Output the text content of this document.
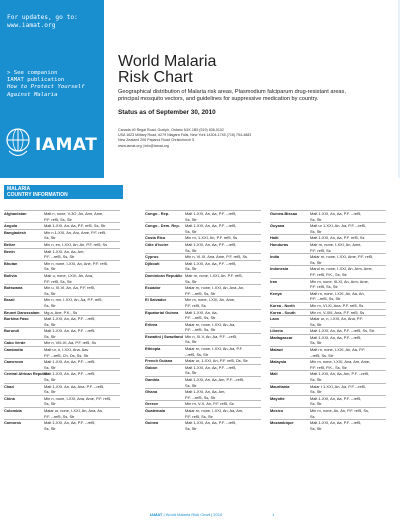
For updates, go to:
www.iamat.org
> See companion
IAMAT publication
How to Protect Yourself
Against Malaria
IAMAT
World Malaria
Risk Chart
Geographical distribution of Malaria risk areas, Plasmodium falciparum drug-resistant areas, principal mosquito vectors, and guidelines for suppressive medication by country.
Status as of September 30, 2010
Canada 40 Regal Road, Guelph, Ontario N1K 1B5 (519) 836-0102
USA 1623 Military Road, #279 Niagara Falls, New York 14304-1745 (716) 754-4883
New Zealand 206 Papanui Road Christchurch 5
www.iamat.org | info@iamat.org
MALARIA
COUNTRY INFORMATION
Afghanistan	Malt n, none, V-3O, An, Arm, Ame,
P.F. ref5, Ss, Str
Angola	Malt 1-XXI, An, Aa, P.F. ref5, Ss, Str
Bangladesh	Min n 1-XXI, An, Aru, Ame, P.F. ref5,
Ss, Str
Belize	Min n, en, I-XXI, An, An, P.F. ref5, Ss
Benin	Malt 1-XXI, An, Aa, Am,
P.F. --ref5, Ss, Str
Bhutan	Min n, none, I-XXI, An, Ane, P.F. ref5,
Ss, Str
Bolivia	Malr u, none, I-XXI, An, Ana,
P.F. ref5, Ss, Str
Botswana	Min u, XI-VI, An, Aa, P.F. ref5,
Ss, Str
Brazil	Min n, mn, I-XXI, An, Aa, P.F. ref5,
Ss, Str
Brunei Darussalam	Mg a, Ane, P.K., Ss
Burkina Faso	Malt 1-XXI, An, Aa, P.F. --ref5,
Ss, Str
Burundi	Malt 1-XXI, An, Aa, P.F. --ref5,
Ss, Str
Cabo Verde	Min n, VIII-XI, Aa, P.F. ref5, Ss
Cambodia	Malt ur, n, I-XXI, Ana, Aav
P.F. --ref5, Ch, Ds, Ss, Str
Cameroon	Malt 1-XXI, An, Aa, P.F. --ref5,
Ss, Str
Central African Republic
Malt 1-XXI, An, Aa, P.F. --ref5,
Ss, Str
Chad	Malt 1-XXI, An, Aa, Ana, P.F. --ref5,
Ss, Str
China	Min n, none, I-XXI, Ana, Ame, P.F. ref5,
Ss, Str
Colombia	Malar ur, none, I-XXI, An, Ana, An,
P.F. --ref5, Ss, Str
Comoros	Malt 1-XXI, An, Aa, P.F. --ref5,
Ss, Str
Congo - Rep.	Malt 1-XXI, An, Aa, P.F. --ref5,
Ss, Str
Congo - Dem. Rep.	Malt 1-XXI, An, Aa, P.F. --ref5,
Ss, Str
Costa Rica	Min rn, 1-XXI, An, P.F. ref5, Ss
Côte d'Ivoire	Malt 1-XXI, An, Aa, P.F. --ref5,
Ss, Str
Cyprus	Min n, VI-XI, Ana, Ame, P.F. ref5, Ss
Djibouti	Malt 1-XXI, An, Aa, P.F. --ref5,
Ss, Str
Dominican Republic Malr rn, none, I-XXI, An, P.F. ref5,
Ss, Str
Ecuador	Malar rn, none, I-XXI, An, Ana, An,
P.F. --ref5, Ss, Str
El Salvador	Min rn, none, I-XXI, An, Ame,
P.F. ref5, Ss
Equatorial Guinea	Malt 1-XXI, An, Aa,
P.F. --ref5, Ss, Str
Eritrea	Malar rn, none, I-XXI, An, Aa,
P.F. --ref5, Ss, Str
Eswatini | Swaziland Min n, XI-V, An, Aa, P.F. --ref5,
Ss, Str
Ethiopia	Malar rn, none, I-XXI, An, Aa, P.F.
--ref5, Ss, Str
French Guiana	Malar ur, 1-XXI, An, P.F. ref5, Ds, Str
Gabon	Malt 1-XXI, An, Aa, P.F. --ref5,
Ss, Str
Gambia	Malt 1-XXI, An, Aa, Am, P.F. --ref5,
Ss, Str
Ghana	Malt 1-XXI, An, Aa, Am,
P.F. --ref5, Ss, Str
Greece	Min rn, V-X, An, P.F. ref5, Ss
Guatemala	Malar rn, none, I-XXI, An, Aa, Am,
P.F. ref5, Ss, Str
Guinea	Malt 1-XXI, An, Aa, P.F. --ref5,
Ss, Str
Guinea-Bissau	Malt 1-XXI, An, Aa, P.F. --ref5,
Ss, Str
Guyana	Malt ur 1-XXI, An, Aa, P.F. --ref5,
Ss, Str
Haiti	Malt 1-XXI, An, Aa, P.F. ref5, Ss
Honduras	Malr rn, none, I-XXI, An, Ame,
P.F. ref5, Ss
India	Malar rn, none, I-XXI, Ame, P.F. ref5,
Ss, Str
Indonesia	Marul rn, none, I-XXI, An, Arm, Ame,
P.F. ref5, P.K., Ss, Str
Iran	Min rn, none, III-XI, An, Arm, Ame,
P.F. ref5, Ss, Str
Kenya	Malt rn, none, I-XXI, An, Aa, An,
P.F. --ref5, Ss, Str
Korea - North	Min rn, VI-XI, Ana, P.F. ref5, Ss
Korea - South	Min rn, V-XIII, Ana, P.F. ref5, Ss
Laos	Malar ur, n, I-XXI, An, Ana, P.F.
Ss, Str
Liberia	Malt 1-XXI, An, Aa, P.F. --ref5, Ss, Str
Madagascar	Malt 1-XXI, An, Aa, P.F. --ref5,
Ss, Str
Malawi	Malt rn, none, I-XXI, An, Aa, P.F.
--ref5, Ss, Str
Malaysia	Min rn, none, I-XXI, Ana, Am, Ame,
P.F. ref5, P.K., Ss, Str
Mali	Malt 1-XXI, An, Aa, Am, P.F. --ref5,
Ss, Str
Mauritania	Malar t 1-XXI, An, Aa, P.F. --ref5,
Ss, Str
Mayotte	Malt 1-XXI, An, Aa, P.F. --ref5,
Ss, Str
Mexico	Min rn, none, An, An, P.F. ref5, Ss,
Ss
Mozambique	Malt 1-XXI, An, Aa, P.F. --ref5,
Ss, Str
IAMAT | World Malaria Risk Chart | 2010	1
